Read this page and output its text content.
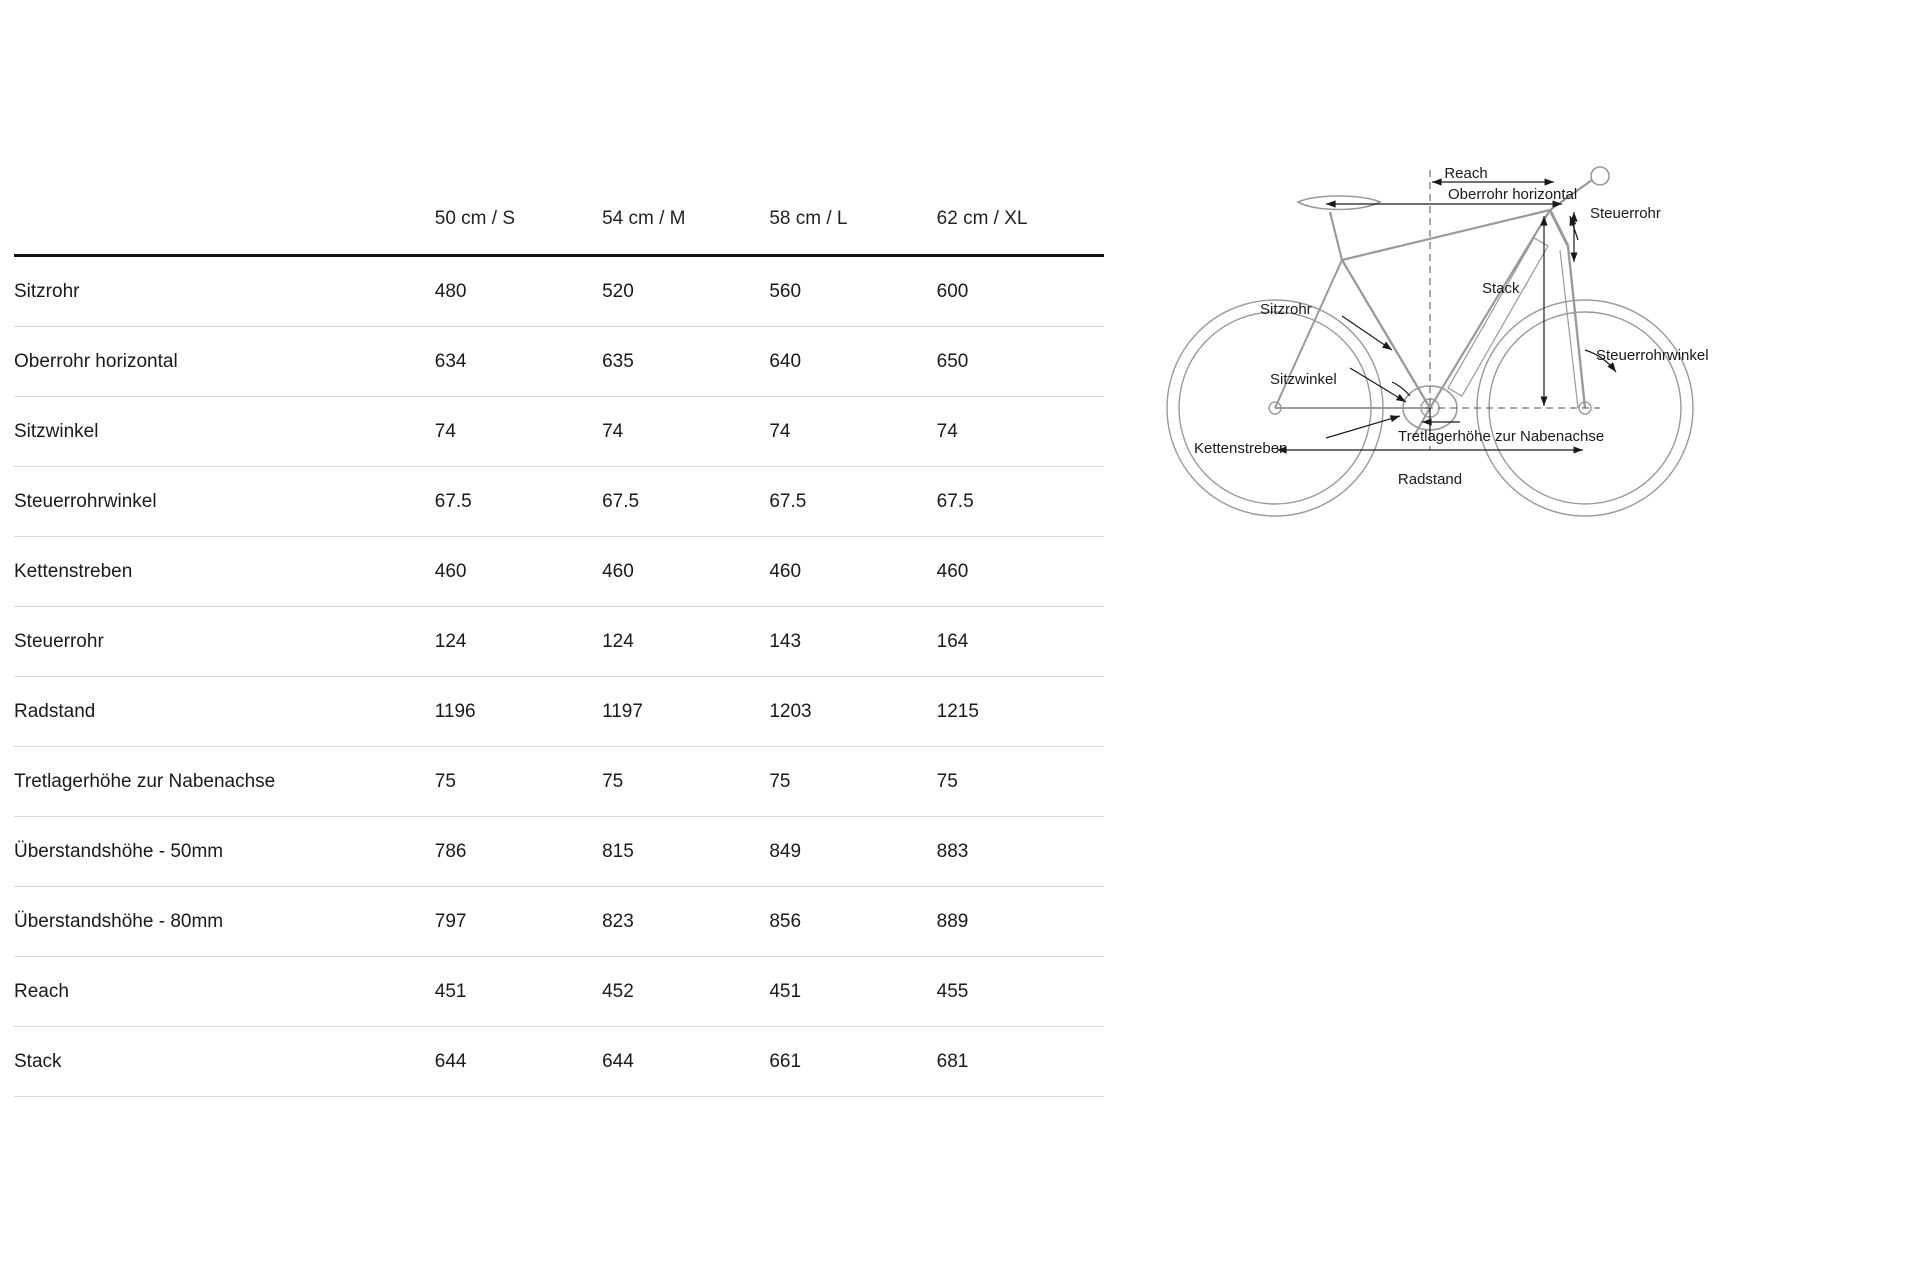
	50 cm / S	54 cm / M	58 cm / L	62 cm / XL
Sitzrohr	480	520	560	600
Oberrohr horizontal	634	635	640	650
Sitzwinkel	74	74	74	74
Steuerrohrwinkel	67.5	67.5	67.5	67.5
Kettenstreben	460	460	460	460
Steuerrohr	124	124	143	164
Radstand	1196	1197	1203	1215
Tretlagerhöhe zur Nabenachse	75	75	75	75
Überstandshöhe - 50mm	786	815	849	883
Überstandshöhe - 80mm	797	823	856	889
Reach	451	452	451	455
Stack	644	644	661	681
Reach
Oberrohr horizontal
Steuerrohr
Stack
Steuerrohrwinkel
Sitzrohr
Sitzwinkel
Tretlagerhöhe zur Nabenachse
Kettenstreben
Radstand
